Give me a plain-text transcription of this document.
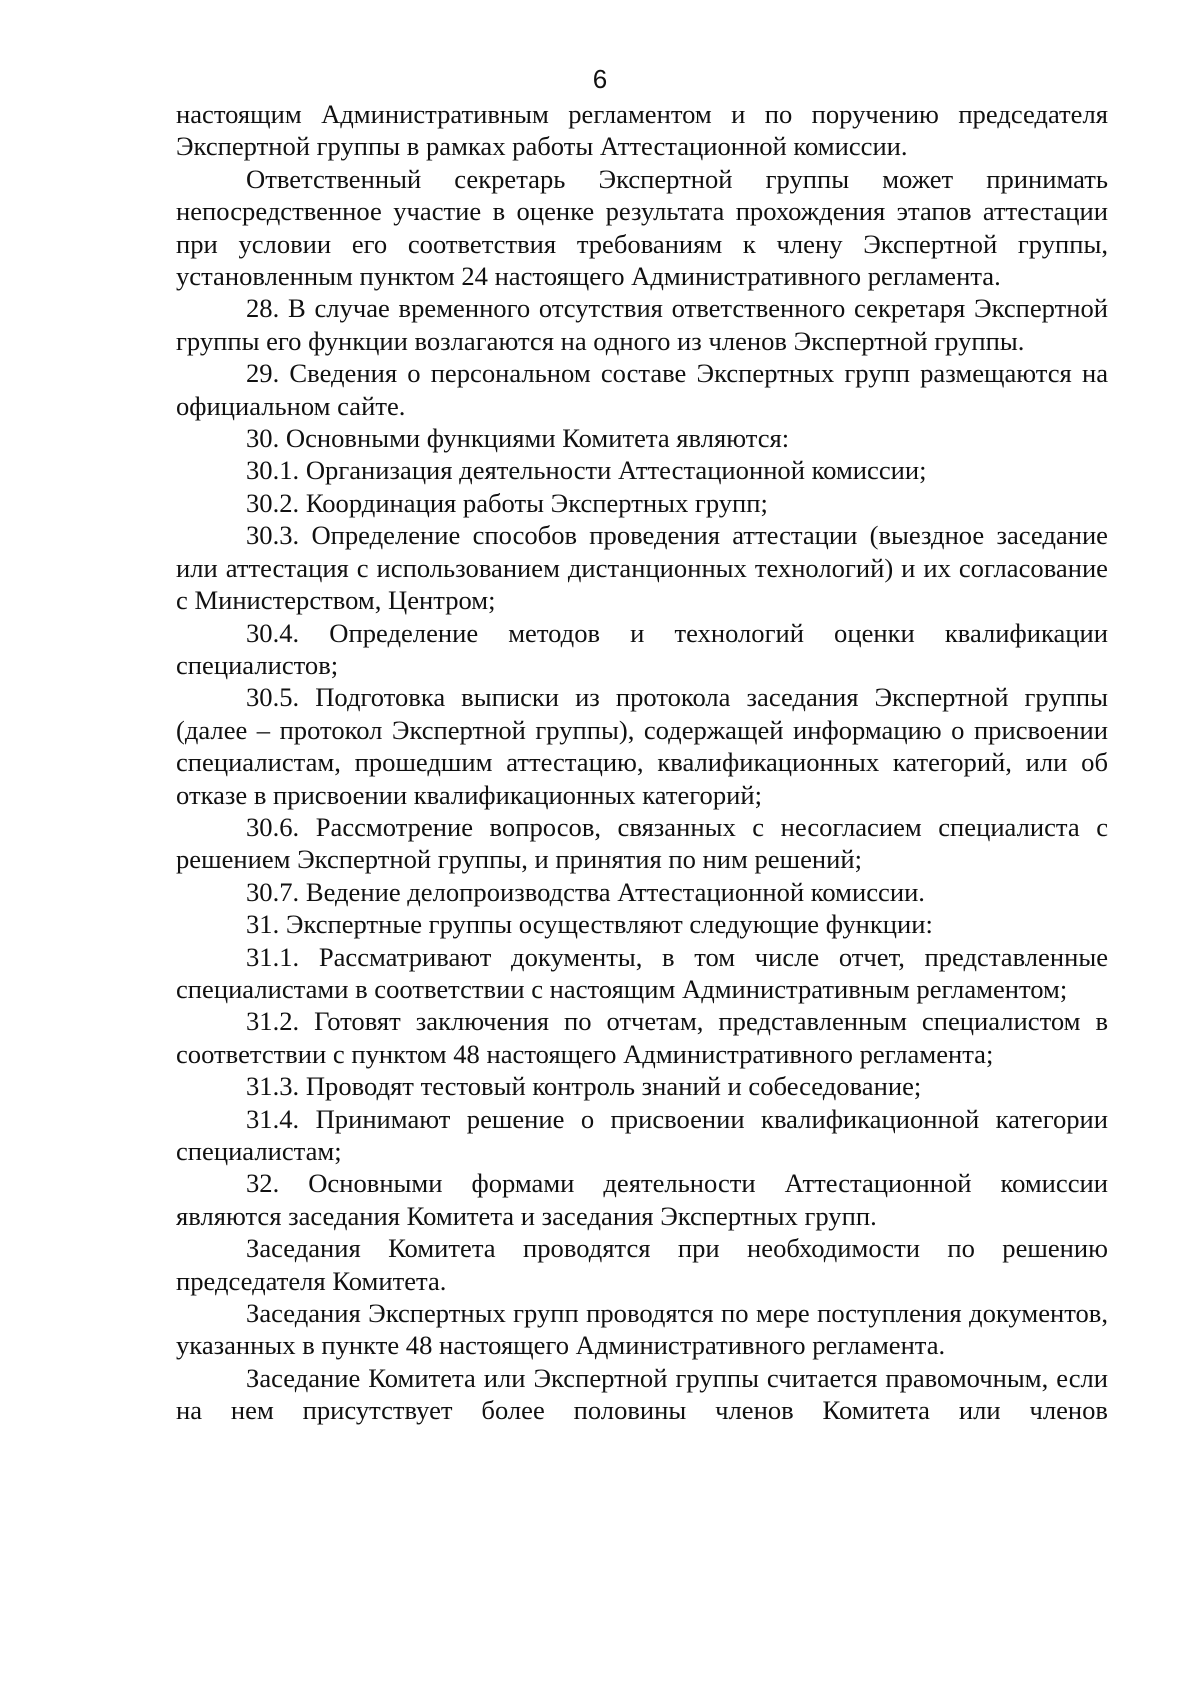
6

настоящим Административным регламентом и по поручению председателя Экспертной группы в рамках работы Аттестационной комиссии.

Ответственный секретарь Экспертной группы может принимать непосредственное участие в оценке результата прохождения этапов аттестации при условии его соответствия требованиям к члену Экспертной группы, установленным пунктом 24 настоящего Административного регламента.

28. В случае временного отсутствия ответственного секретаря Экспертной группы его функции возлагаются на одного из членов Экспертной группы.

29. Сведения о персональном составе Экспертных групп размещаются на официальном сайте.

30. Основными функциями Комитета являются:

30.1. Организация деятельности Аттестационной комиссии;

30.2. Координация работы Экспертных групп;

30.3. Определение способов проведения аттестации (выездное заседание или аттестация с использованием дистанционных технологий) и их согласование с Министерством, Центром;

30.4. Определение методов и технологий оценки квалификации специалистов;

30.5. Подготовка выписки из протокола заседания Экспертной группы (далее – протокол Экспертной группы), содержащей информацию о присвоении специалистам, прошедшим аттестацию, квалификационных категорий, или об отказе в присвоении квалификационных категорий;

30.6. Рассмотрение вопросов, связанных с несогласием специалиста с решением Экспертной группы, и принятия по ним решений;

30.7. Ведение делопроизводства Аттестационной комиссии.

31. Экспертные группы осуществляют следующие функции:

31.1. Рассматривают документы, в том числе отчет, представленные специалистами в соответствии с настоящим Административным регламентом;

31.2. Готовят заключения по отчетам, представленным специалистом в соответствии с пунктом 48 настоящего Административного регламента;

31.3. Проводят тестовый контроль знаний и собеседование;

31.4. Принимают решение о присвоении квалификационной категории специалистам;

32. Основными формами деятельности Аттестационной комиссии являются заседания Комитета и заседания Экспертных групп.

Заседания Комитета проводятся при необходимости по решению председателя Комитета.

Заседания Экспертных групп проводятся по мере поступления документов, указанных в пункте 48 настоящего Административного регламента.

Заседание Комитета или Экспертной группы считается правомочным, если на нем присутствует более половины членов Комитета или членов
